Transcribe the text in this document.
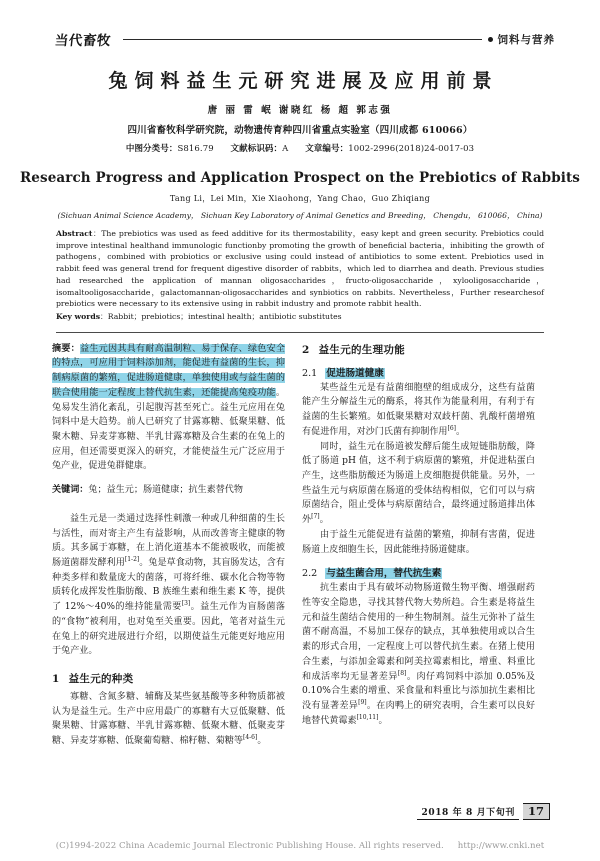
当代畜牧	饲料与营养
兔饲料益生元研究进展及应用前景
唐 丽 雷 岷 谢晓红 杨 超 郭志强
四川省畜牧科学研究院，动物遗传育种四川省重点实验室（四川成都 610066）
中图分类号：S816.79 文献标识码：A 文章编号：1002-2996(2018)24-0017-03
Research Progress and Application Prospect on the Prebiotics of Rabbits
Tang Li，Lei Min，Xie Xiaohong，Yang Chao，Guo Zhiqiang
(Sichuan Animal Science Academy， Sichuan Key Laboratory of Animal Genetics and Breeding， Chengdu， 610066， China)
Abstract：The prebiotics was used as feed additive for its thermostability，easy kept and green security. Prebiotics could improve intestinal healthand immunologic functionby promoting the growth of beneficial bacteria，inhibiting the growth of pathogens，combined with probiotics or exclusive using could instead of antibiotics to some extent. Prebiotics used in rabbit feed was general trend for frequent digestive disorder of rabbits，which led to diarrhea and death. Previous studies had researched the application of mannan oligosaccharides，fructo-oligosaccharide，xylooligosaccharide，isomaltooligosaccharide，galactomannan-oligosaccharides and synbiotics on rabbits. Nevertheless，Further researchesof prebiotics were necessary to its extensive using in rabbit industry and promote rabbit health.
Key words：Rabbit；prebiotics；intestinal health；antibiotic substitutes
摘要：益生元因其具有耐高温制粒、易于保存、绿色安全的特点，可应用于饲料添加剂，能促进有益菌的生长，抑制病原菌的繁殖，促进肠道健康，单独使用或与益生菌的联合使用能一定程度上替代抗生素，还能提高兔疫功能。兔易发生消化紊乱，引起腹泻甚至死亡。益生元应用在兔饲料中是大趋势。前人已研究了甘露寡糖、低聚果糖、低聚木糖、异麦芽寡糖、半乳甘露寡糖及合生素的在兔上的应用，但还需要更深入的研究，才能使益生元广泛应用于兔产业，促进兔群健康。
关键词：兔；益生元；肠道健康；抗生素替代物
益生元是一类通过选择性刺激一种或几种细菌的生长与活性，而对寄主产生有益影响，从而改善寄主健康的物质。其多属于寡糖，在上消化道基本不能被吸收，而能被肠道菌群发酵利用[1-2]。兔是草食动物，其盲肠发达，含有种类多样和数量庞大的菌落，可将纤维、碳水化合物等物质转化成挥发性脂肪酸、B 族维生素和维生素 K 等，提供了 12%～40%的维持能量需要[3]。益生元作为盲肠菌落的“食物”被利用，也对兔至关重要。因此，笔者对益生元在兔上的研究进展进行介绍，以期使益生元能更好地应用于兔产业。
1 益生元的种类
寡糖、含氮多糖、辅酶及某些氨基酸等多种物质都被认为是益生元。生产中应用最广的寡糖有大豆低聚糖、低聚果糖、甘露寡糖、半乳甘露寡糖、低聚木糖、低聚麦芽糖、异麦芽寡糖、低聚葡萄糖、棉籽糖、菊糖等[4-6]。
2 益生元的生理功能
2.1 促进肠道健康
某些益生元是有益菌细胞壁的组成成分，这些有益菌能产生分解益生元的酶系，将其作为能量利用，有利于有益菌的生长繁殖。如低聚果糖对双歧杆菌、乳酸杆菌增殖有促进作用，对沙门氏菌有抑制作用[6]。
同时，益生元在肠道被发酵后能生成短链脂肪酸，降低了肠道 pH 值，这不利于病原菌的繁殖，并促进粘蛋白产生，这些脂肪酸还为肠道上皮细胞提供能量。另外，一些益生元与病原菌在肠道的受体结构相似，它们可以与病原菌结合，阻止受体与病原菌结合，最终通过肠道排出体外[7]。
由于益生元能促进有益菌的繁殖，抑制有害菌，促进肠道上皮细胞生长，因此能维持肠道健康。
2.2 与益生菌合用，替代抗生素
抗生素由于具有破坏动物肠道微生物平衡、增强耐药性等安全隐患，寻找其替代物大势所趋。合生素是将益生元和益生菌结合使用的一种生物制剂。益生元弥补了益生菌不耐高温，不易加工保存的缺点，其单独使用或以合生素的形式合用，一定程度上可以替代抗生素。在猪上使用合生素，与添加金霉素和阿美拉霉素相比，增重、料重比和成活率均无显著差异[8]。肉仔鸡饲料中添加 0.05%及 0.10%合生素的增重、采食量和料重比与添加抗生素相比没有显著差异[9]。在肉鸭上的研究表明，合生素可以良好地替代黄霉素[10,11]。
2018 年 8 月下旬刊	17
(C)1994-2022 China Academic Journal Electronic Publishing House. All rights reserved. http://www.cnki.net
